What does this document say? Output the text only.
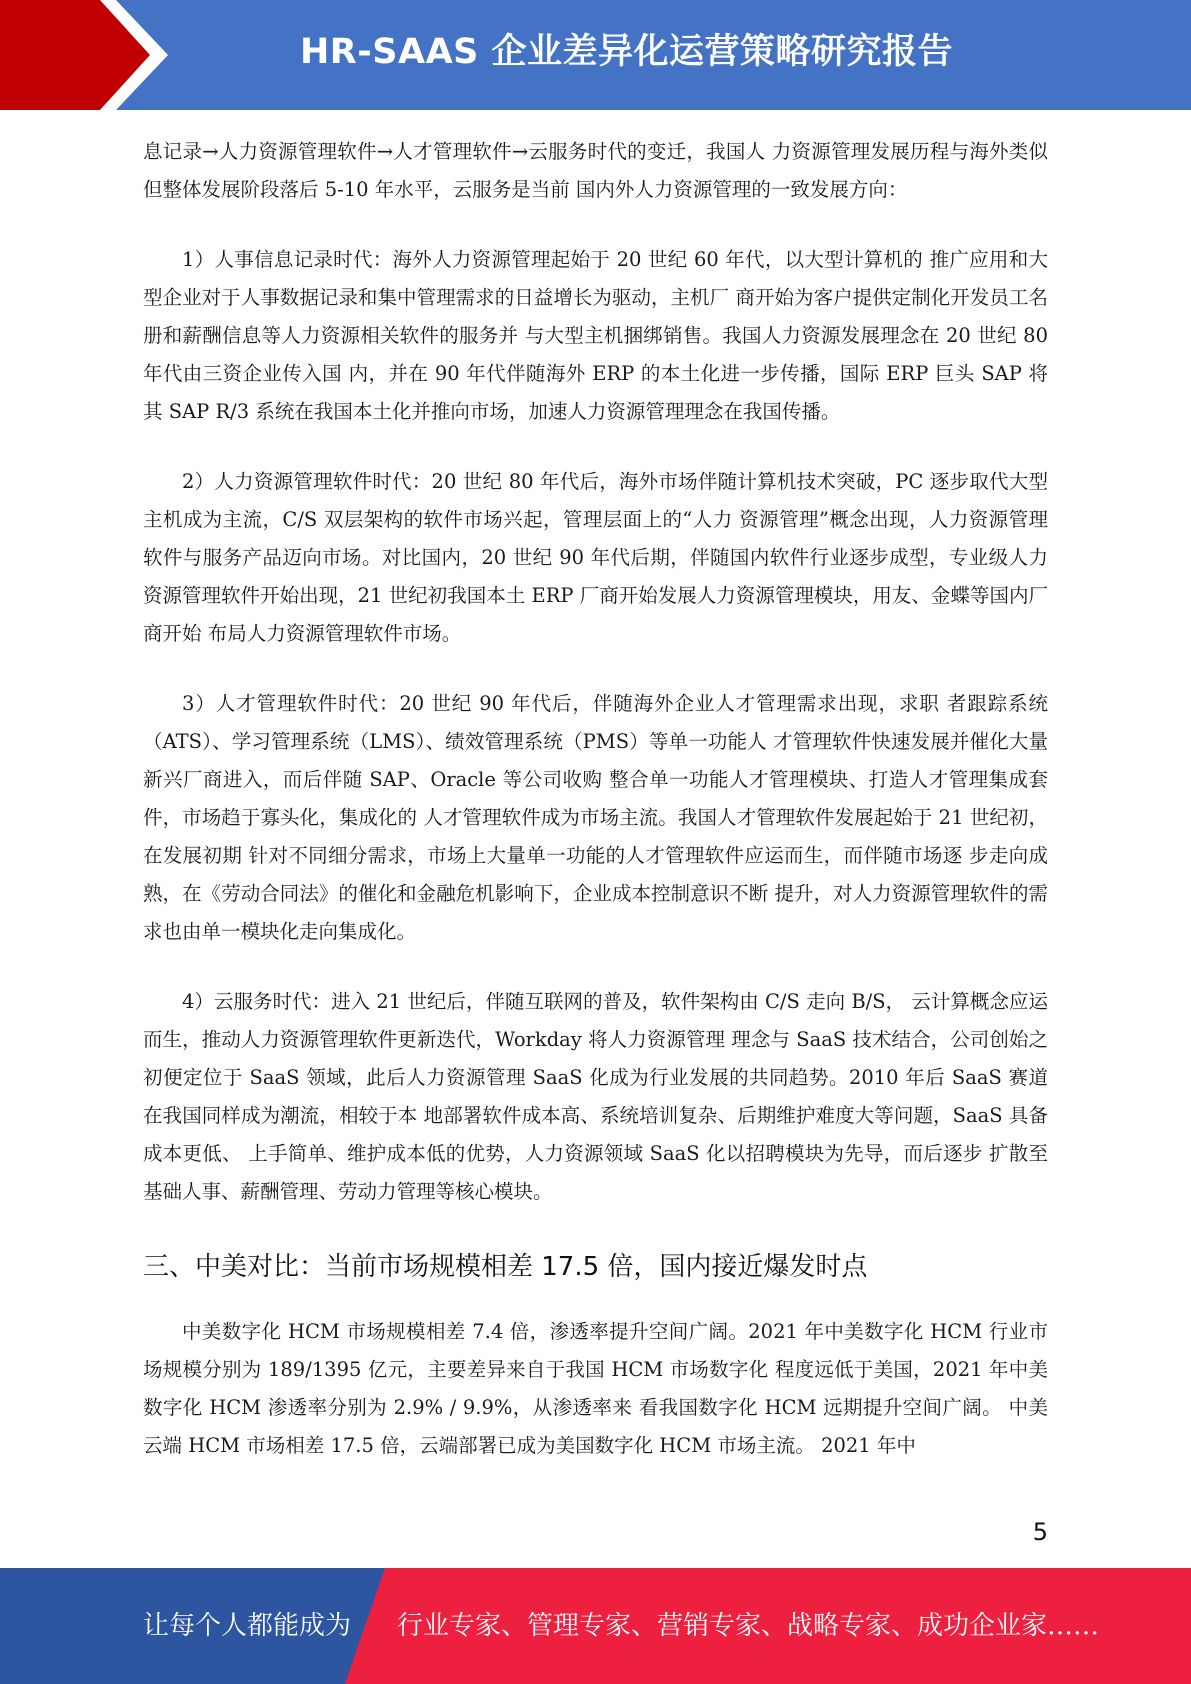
HR-SAAS 企业差异化运营策略研究报告

息记录→人力资源管理软件→人才管理软件→云服务时代的变迁，我国人 力资源管理发展历程与海外类似但整体发展阶段落后 5-10 年水平，云服务是当前 国内外人力资源管理的一致发展方向：

1）人事信息记录时代：海外人力资源管理起始于 20 世纪 60 年代，以大型计算机的 推广应用和大型企业对于人事数据记录和集中管理需求的日益增长为驱动，主机厂 商开始为客户提供定制化开发员工名册和薪酬信息等人力资源相关软件的服务并 与大型主机捆绑销售。我国人力资源发展理念在 20 世纪 80 年代由三资企业传入国 内，并在 90 年代伴随海外 ERP 的本土化进一步传播，国际 ERP 巨头 SAP 将其 SAP R/3 系统在我国本土化并推向市场，加速人力资源管理理念在我国传播。

2）人力资源管理软件时代：20 世纪 80 年代后，海外市场伴随计算机技术突破，PC 逐步取代大型主机成为主流，C/S 双层架构的软件市场兴起，管理层面上的“人力 资源管理”概念出现，人力资源管理软件与服务产品迈向市场。对比国内，20 世纪 90 年代后期，伴随国内软件行业逐步成型，专业级人力资源管理软件开始出现，21 世纪初我国本土 ERP 厂商开始发展人力资源管理模块，用友、金蝶等国内厂商开始 布局人力资源管理软件市场。

3）人才管理软件时代：20 世纪 90 年代后，伴随海外企业人才管理需求出现，求职 者跟踪系统（ATS）、学习管理系统（LMS）、绩效管理系统（PMS）等单一功能人 才管理软件快速发展并催化大量新兴厂商进入，而后伴随 SAP、Oracle 等公司收购 整合单一功能人才管理模块、打造人才管理集成套件，市场趋于寡头化，集成化的 人才管理软件成为市场主流。我国人才管理软件发展起始于 21 世纪初，在发展初期 针对不同细分需求，市场上大量单一功能的人才管理软件应运而生，而伴随市场逐 步走向成熟，在《劳动合同法》的催化和金融危机影响下，企业成本控制意识不断 提升，对人力资源管理软件的需求也由单一模块化走向集成化。

4）云服务时代：进入 21 世纪后，伴随互联网的普及，软件架构由 C/S 走向 B/S， 云计算概念应运而生，推动人力资源管理软件更新迭代，Workday 将人力资源管理 理念与 SaaS 技术结合，公司创始之初便定位于 SaaS 领域，此后人力资源管理 SaaS 化成为行业发展的共同趋势。2010 年后 SaaS 赛道在我国同样成为潮流，相较于本 地部署软件成本高、系统培训复杂、后期维护难度大等问题，SaaS 具备成本更低、 上手简单、维护成本低的优势，人力资源领域 SaaS 化以招聘模块为先导，而后逐步 扩散至基础人事、薪酬管理、劳动力管理等核心模块。

三、中美对比：当前市场规模相差 17.5 倍，国内接近爆发时点

中美数字化 HCM 市场规模相差 7.4 倍，渗透率提升空间广阔。2021 年中美数字化 HCM 行业市场规模分别为 189/1395 亿元，主要差异来自于我国 HCM 市场数字化 程度远低于美国，2021 年中美数字化 HCM 渗透率分别为 2.9% / 9.9%，从渗透率来 看我国数字化 HCM 远期提升空间广阔。 中美云端 HCM 市场相差 17.5 倍，云端部署已成为美国数字化 HCM 市场主流。 2021 年中

5
让每个人都能成为 行业专家、管理专家、营销专家、战略专家、成功企业家……
